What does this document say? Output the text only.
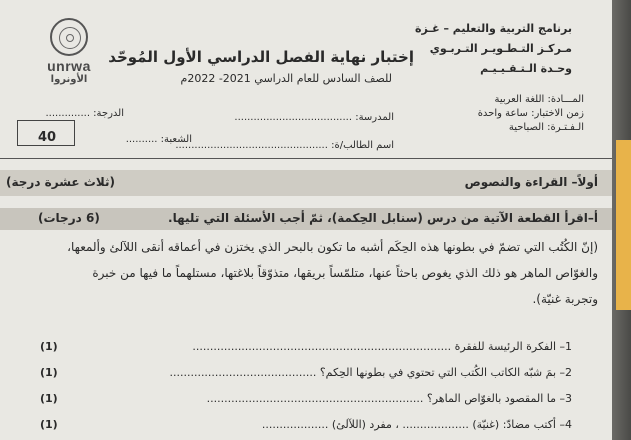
unrwa
الأونروا
برنامج التربية والتعليم – غـزة
مـركـز التـطـويـر التـربـوي
وحـدة الـتـقـيـيـم
إختبار نهاية الفصل الدراسي الأول المُوحّد
للصف السادس للعام الدراسي 2021- 2022م
المـــادة: اللغة العربية
زمن الاختبار: ساعة واحدة
الـفـتـرة: الصباحية
المدرسة: .....................................
اسم الطالب/ة: ................................................
الشعبة: ..........
الدرجة: ..............
40
أولاً– القراءة والنصوص
(ثلاث عشرة درجة)
أ–اقرأ القطعة الآتية من درس (سنابل الحِكمة)، ثمّ أجب الأسئلة التي تليها.
(6 درجات)
(إنّ الكُتُب التي تضمّ في بطونها هذه الحِكَم أشبه ما تكون بالبحر الذي يختزن في أعماقه أنقى اللآلئ وألمعها،
والغوّاص الماهر هو ذلك الذي يغوص باحثاً عنها، متلمّساً بريقها، متذوّقاً بلاغتها، مستلهماً ما فيها من خبرة
وتجربة غنيّة).
1– الفكرة الرئيسة للفقرة ..........................................................................
(1)
2– بمَ شبّه الكاتب الكُتب التي تحتوي في بطونها الحِكم؟ ..........................................
(1)
3– ما المقصود بالغوّاص الماهر؟ ..............................................................
(1)
4– أكتب مضادّ: (غنيّة) ................... ، مفرد (اللآلئ) ...................
(1)
